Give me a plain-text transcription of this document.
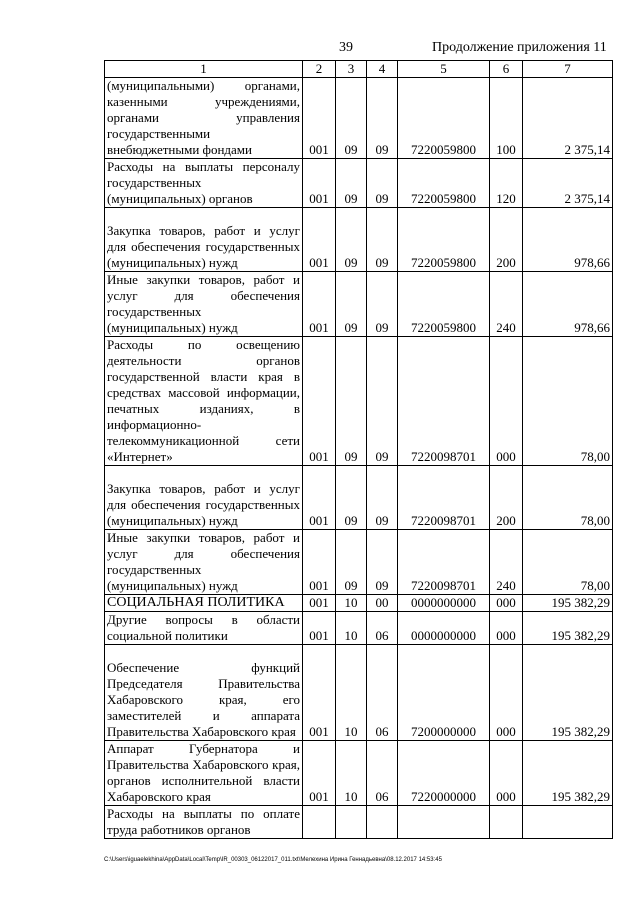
39	Продолжение приложения 11
1	2	3	4	5	6	7
(муниципальными) органами, казенными учреждениями, органами управления государственными внебюджетными фондами	001	09	09	7220059800	100	2 375,14
Расходы на выплаты персоналу государственных (муниципальных) органов	001	09	09	7220059800	120	2 375,14
Закупка товаров, работ и услуг для обеспечения государственных (муниципальных) нужд	001	09	09	7220059800	200	978,66
Иные закупки товаров, работ и услуг для обеспечения государственных (муниципальных) нужд	001	09	09	7220059800	240	978,66
Расходы по освещению деятельности органов государственной власти края в средствах массовой информации, печатных изданиях, в информационно-телекоммуникационной сети «Интернет»	001	09	09	7220098701	000	78,00
Закупка товаров, работ и услуг для обеспечения государственных (муниципальных) нужд	001	09	09	7220098701	200	78,00
Иные закупки товаров, работ и услуг для обеспечения государственных (муниципальных) нужд	001	09	09	7220098701	240	78,00
СОЦИАЛЬНАЯ ПОЛИТИКА	001	10	00	0000000000	000	195 382,29
Другие вопросы в области социальной политики	001	10	06	0000000000	000	195 382,29
Обеспечение функций Председателя Правительства Хабаровского края, его заместителей и аппарата Правительства Хабаровского края	001	10	06	7200000000	000	195 382,29
Аппарат Губернатора и Правительства Хабаровского края, органов исполнительной власти Хабаровского края	001	10	06	7220000000	000	195 382,29
Расходы на выплаты по оплате труда работников органов						
C:\Users\iguaelekhina\AppData\Local\Temp\IR_00303_06122017_011.txt\Мелехина Ирина Геннадьевна\08.12.2017 14:53:45
